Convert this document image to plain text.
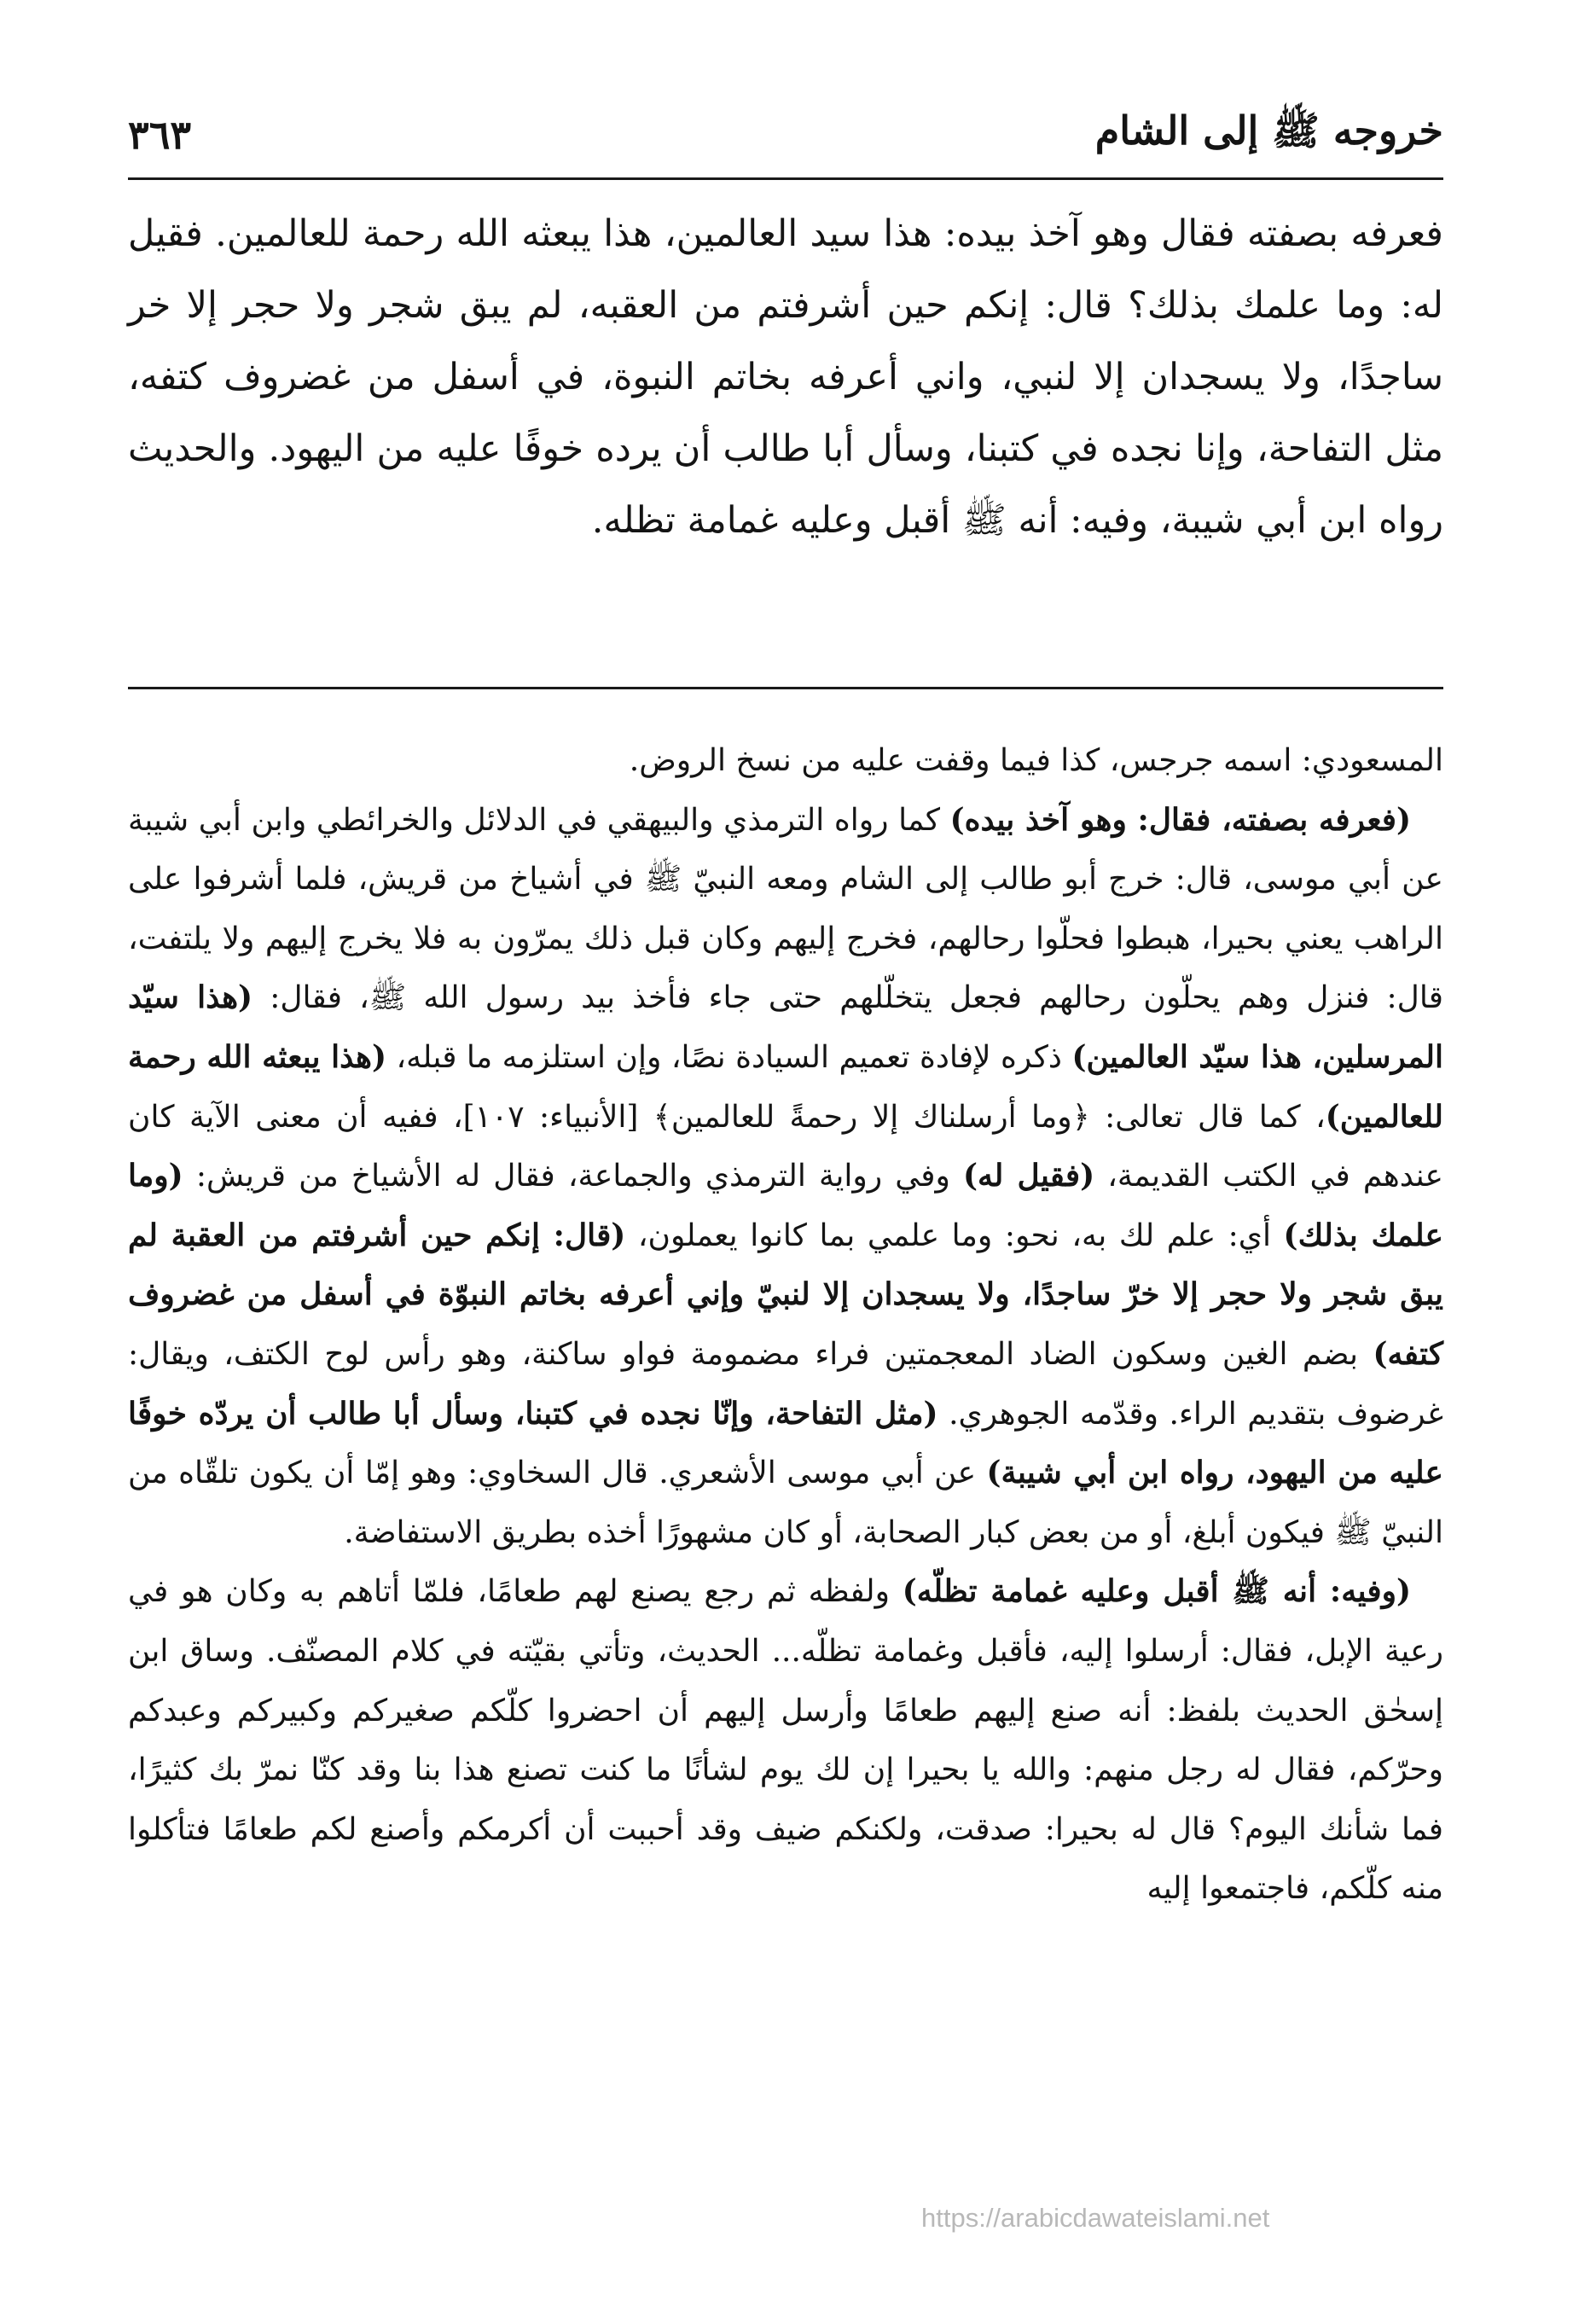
خروجه ﷺ إلى الشام
٣٦٣
فعرفه بصفته فقال وهو آخذ بيده: هذا سيد العالمين، هذا يبعثه الله رحمة للعالمين. فقيل له: وما علمك بذلك؟ قال: إنكم حين أشرفتم من العقبه، لم يبق شجر ولا حجر إلا خر ساجدًا، ولا يسجدان إلا لنبي، واني أعرفه بخاتم النبوة، في أسفل من غضروف كتفه، مثل التفاحة، وإنا نجده في كتبنا، وسأل أبا طالب أن يرده خوفًا عليه من اليهود. والحديث رواه ابن أبي شيبة، وفيه: أنه ﷺ أقبل وعليه غمامة تظله.

المسعودي: اسمه جرجس، كذا فيما وقفت عليه من نسخ الروض.

(فعرفه بصفته، فقال: وهو آخذ بيده) كما رواه الترمذي والبيهقي في الدلائل والخرائطي وابن أبي شيبة عن أبي موسى، قال: خرج أبو طالب إلى الشام ومعه النبيّ ﷺ في أشياخ من قريش، فلما أشرفوا على الراهب يعني بحيرا، هبطوا فحلّوا رحالهم، فخرج إليهم وكان قبل ذلك يمرّون به فلا يخرج إليهم ولا يلتفت، قال: فنزل وهم يحلّون رحالهم فجعل يتخلّلهم حتى جاء فأخذ بيد رسول الله ﷺ، فقال: (هذا سيّد المرسلين، هذا سيّد العالمين) ذكره لإفادة تعميم السيادة نصًا، وإن استلزمه ما قبله، (هذا يبعثه الله رحمة للعالمين)، كما قال تعالى: ﴿وما أرسلناك إلا رحمةً للعالمين﴾ [الأنبياء: ١٠٧]، ففيه أن معنى الآية كان عندهم في الكتب القديمة، (فقيل له) وفي رواية الترمذي والجماعة، فقال له الأشياخ من قريش: (وما علمك بذلك) أي: علم لك به، نحو: وما علمي بما كانوا يعملون، (قال: إنكم حين أشرفتم من العقبة لم يبق شجر ولا حجر إلا خرّ ساجدًا، ولا يسجدان إلا لنبيّ وإني أعرفه بخاتم النبوّة في أسفل من غضروف كتفه) بضم الغين وسكون الضاد المعجمتين فراء مضمومة فواو ساكنة، وهو رأس لوح الكتف، ويقال: غرضوف بتقديم الراء. وقدّمه الجوهري. (مثل التفاحة، وإنّا نجده في كتبنا، وسأل أبا طالب أن يردّه خوفًا عليه من اليهود، رواه ابن أبي شيبة) عن أبي موسى الأشعري. قال السخاوي: وهو إمّا أن يكون تلقّاه من النبيّ ﷺ فيكون أبلغ، أو من بعض كبار الصحابة، أو كان مشهورًا أخذه بطريق الاستفاضة.

(وفيه: أنه ﷺ أقبل وعليه غمامة تظلّه) ولفظه ثم رجع يصنع لهم طعامًا، فلمّا أتاهم به وكان هو في رعية الإبل، فقال: أرسلوا إليه، فأقبل وغمامة تظلّه... الحديث، وتأتي بقيّته في كلام المصنّف. وساق ابن إسحٰق الحديث بلفظ: أنه صنع إليهم طعامًا وأرسل إليهم أن احضروا كلّكم صغيركم وكبيركم وعبدكم وحرّكم، فقال له رجل منهم: والله يا بحيرا إن لك يوم لشأنًا ما كنت تصنع هذا بنا وقد كنّا نمرّ بك كثيرًا، فما شأنك اليوم؟ قال له بحيرا: صدقت، ولكنكم ضيف وقد أحببت أن أكرمكم وأصنع لكم طعامًا فتأكلوا منه كلّكم، فاجتمعوا إليه

https://arabicdawateislami.net
